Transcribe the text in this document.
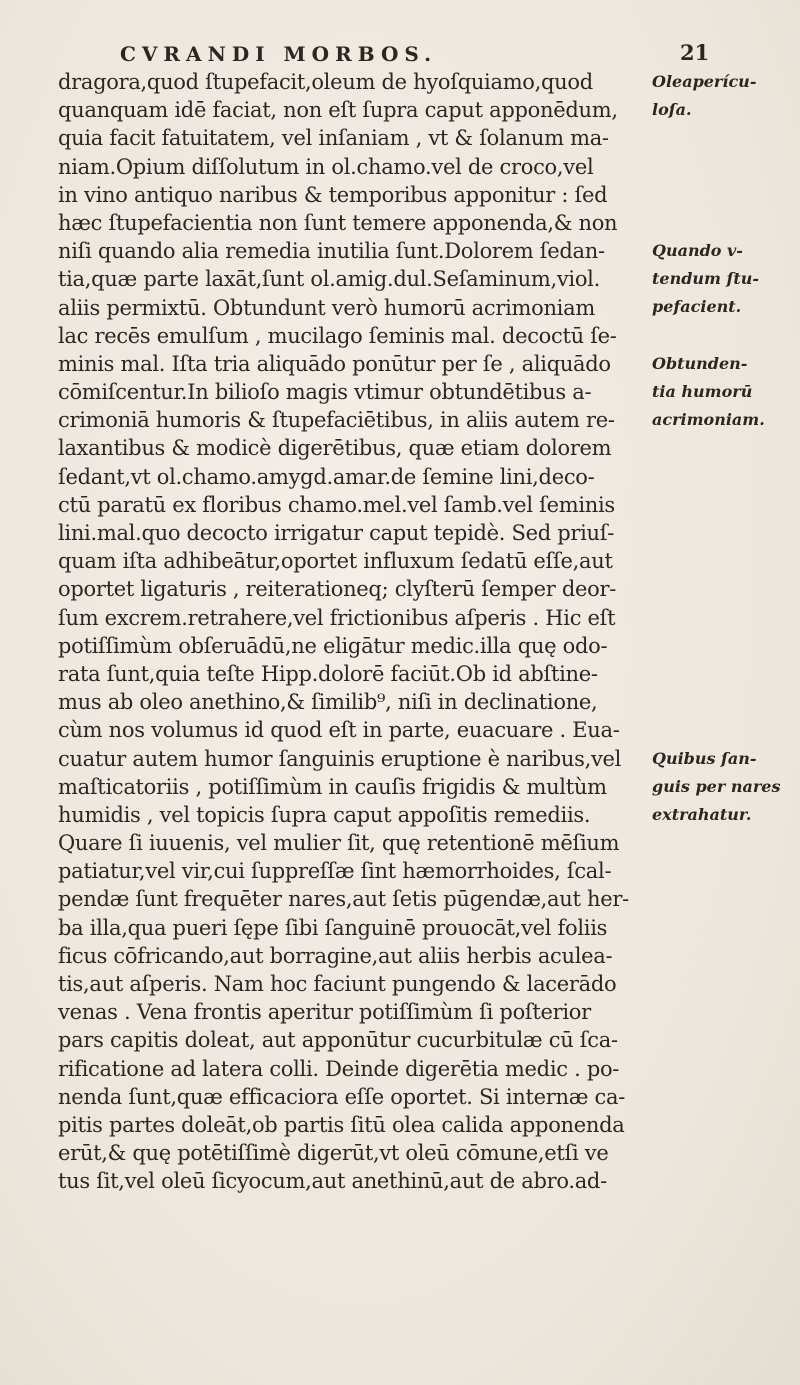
CVRANDI MORBOS.	21
dragora,quod ſtupefacit,oleum de hyoſquiamo,quod
quanquam idē faciat, non eſt ſupra caput apponēdum,
quia facit fatuitatem, vel inſaniam , vt & ſolanum ma-
niam.Opium diſſolutum in ol.chamo.vel de croco,vel
in vino antiquo naribus & temporibus apponitur : ſed
hæc ſtupefacientia non ſunt temere apponenda,& non
niſi quando alia remedia inutilia ſunt.Dolorem ſedan-
tia,quæ parte laxāt,ſunt ol.amig.dul.Seſaminum,viol.
aliis permixtū. Obtundunt verò humorū acrimoniam
lac recēs emulſum , mucilago ſeminis mal. decoctū ſe-
minis mal. Iſta tria aliquādo ponūtur per ſe , aliquādo
cōmiſcentur.In bilioſo magis vtimur obtundētibus a-
crimoniā humoris & ſtupefaciētibus, in aliis autem re-
laxantibus & modicè digerētibus, quæ etiam dolorem
ſedant,vt ol.chamo.amygd.amar.de ſemine lini,deco-
ctū paratū ex floribus chamo.mel.vel ſamb.vel ſeminis
lini.mal.quo decocto irrigatur caput tepidè. Sed priuſ-
quam iſta adhibeātur,oportet influxum ſedatū eſſe,aut
oportet ligaturis , reiterationeq; clyſterū ſemper deor-
ſum excrem.retrahere,vel frictionibus aſperis . Hic eſt
potiſſimùm obſeruādū,ne eligātur medic.illa quę odo-
rata ſunt,quia teſte Hipp.dolorē faciūt.Ob id abſtine-
mus ab oleo anethino,& ſimilib⁹, niſi in declinatione,
cùm nos volumus id quod eſt in parte, euacuare . Eua-
cuatur autem humor ſanguinis eruptione è naribus,vel
maſticatoriis , potiſſimùm in cauſis frigidis & multùm
humidis , vel topicis ſupra caput appoſitis remediis.
Quare ſi iuuenis, vel mulier ſit, quę retentionē mēſium
patiatur,vel vir,cui ſuppreſſæ ſint hæmorrhoides, ſcal-
pendæ ſunt frequēter nares,aut ſetis pūgendæ,aut her-
ba illa,qua pueri ſępe ſibi ſanguinē prouocāt,vel foliis
ficus cōfricando,aut borragine,aut aliis herbis aculea-
tis,aut aſperis. Nam hoc faciunt pungendo & lacerādo
venas . Vena frontis aperitur potiſſimùm ſi poſterior
pars capitis doleat, aut apponūtur cucurbitulæ cū ſca-
rificatione ad latera colli. Deinde digerētia medic . po-
nenda ſunt,quæ efficaciora eſſe oportet. Si internæ ca-
pitis partes doleāt,ob partis ſitū olea calida apponenda
erūt,& quę potētiſſimè digerūt,vt oleū cōmune,etſi ve
tus ſit,vel oleū ſicyocum,aut anethinū,aut de abro.ad-
Oleaperícu-
loſa.
Quando v-
tendum ſtu-
pefacient.
Obtunden-
tia humorū
acrimoniam.
Quibus ſan-
guis per nares
extrahatur.
